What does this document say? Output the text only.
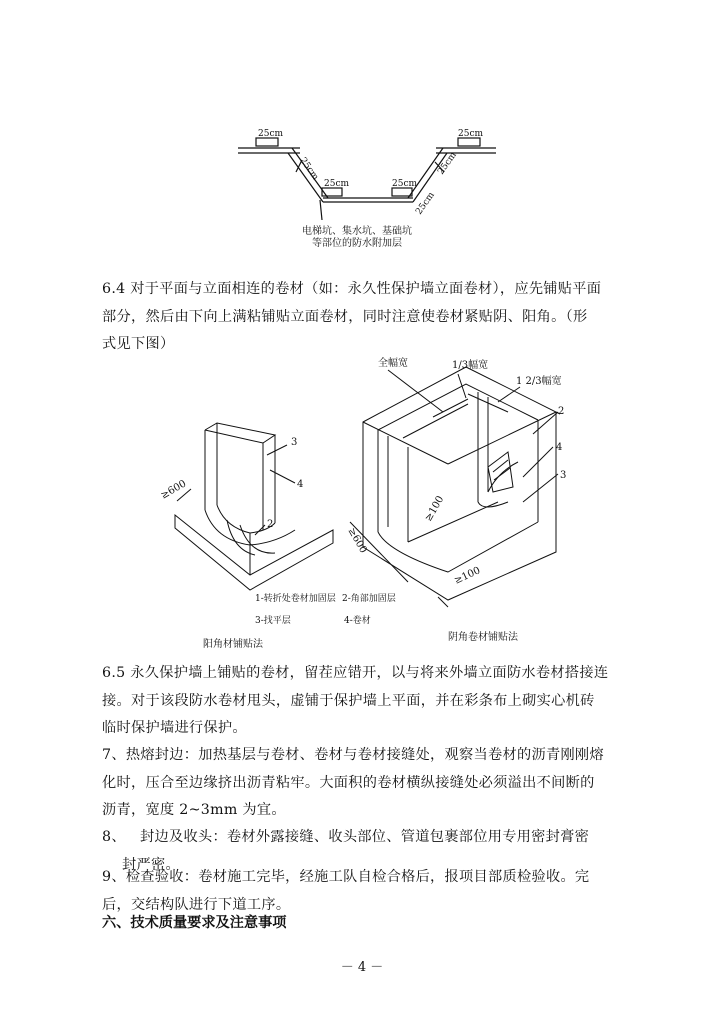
25cm	25cm
25cm	25cm
25cm	25cm
25cm
电梯坑、集水坑、基础坑
等部位的防水附加层

6.4 对于平面与立面相连的卷材（如：永久性保护墙立面卷材），应先铺贴平面

部分，然后由下向上满粘铺贴立面卷材，同时注意使卷材紧贴阴、阳角。（形

式见下图）

3
4
2
≥600
1-转折处卷材加固层
3-找平层
阳角材铺贴法
2-角部加固层
4-卷材
全幅宽	1/3幅宽
1 2/3幅宽
2
4
3
≥600
≥100
≥100
阴角卷材铺贴法

6.5 永久保护墙上铺贴的卷材，留茬应错开，以与将来外墙立面防水卷材搭接连

接。对于该段防水卷材甩头，虚铺于保护墙上平面，并在彩条布上砌实心机砖

临时保护墙进行保护。

7、热熔封边：加热基层与卷材、卷材与卷材接缝处，观察当卷材的沥青刚刚熔

化时，压合至边缘挤出沥青粘牢。大面积的卷材横纵接缝处必须溢出不间断的

沥青，宽度 2~3mm 为宜。

8、 封边及收头：卷材外露接缝、收头部位、管道包裹部位用专用密封膏密

封严密。

9、检查验收：卷材施工完毕，经施工队自检合格后，报项目部质检验收。完

后，交结构队进行下道工序。

六、技术质量要求及注意事项
－ 4 －
